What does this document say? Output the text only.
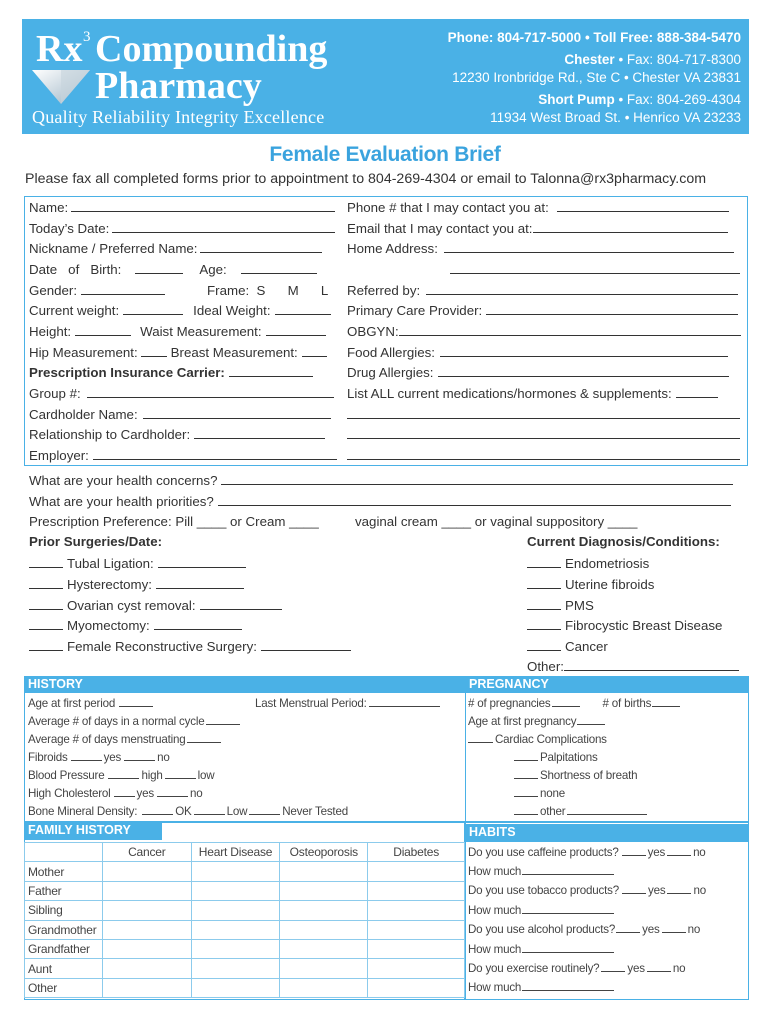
Rx 3 Compounding
Pharmacy
Quality Reliability Integrity Excellence
Phone: 804-717-5000 • Toll Free: 888-384-5470
Chester • Fax: 804-717-8300
12230 Ironbridge Rd., Ste C • Chester VA 23831
Short Pump • Fax: 804-269-4304
11934 West Broad St. • Henrico VA 23233
Female Evaluation Brief
Please fax all completed forms prior to appointment to 804-269-4304 or email to Talonna@rx3pharmacy.com
Name:
Today’s Date:
Nickname / Preferred Name:
Date   of   Birth:	Age:
Gender:	Frame:  S      M      L
Current weight:	Ideal Weight:
Height:	Waist Measurement:
Hip Measurement: Breast Measurement:
Prescription Insurance Carrier:
Group #:
Cardholder Name:
Relationship to Cardholder:
Employer:
Phone # that I may contact you at:
Email that I may contact you at:
Home Address:
Referred by:
Primary Care Provider:
OBGYN:
Food Allergies:
Drug Allergies:
List ALL current medications/hormones & supplements:
What are your health concerns?
What are your health priorities?
Prescription Preference: Pill ____ or Cream ____	vaginal cream ____ or vaginal suppository ____
Prior Surgeries/Date:
Tubal Ligation:
Hysterectomy:
Ovarian cyst removal:
Myomectomy:
Female Reconstructive Surgery:
Current Diagnosis/Conditions:
Endometriosis
Uterine fibroids
PMS
Fibrocystic Breast Disease
Cancer
Other:
HISTORY
Age at first period	Last Menstrual Period:
Average # of days in a normal cycle
Average # of days menstruating
Fibroids	yes	no
Blood Pressure	high	low
High Cholesterol yes	no
Bone Mineral Density:	OK	Low	Never Tested
PREGNANCY
# of pregnancies	# of births
Age at first pregnancy
Cardiac Complications
Palpitations
Shortness of breath
none
other
FAMILY HISTORY
	Cancer	Heart Disease	Osteoporosis	Diabetes
Mother				
Father				
Sibling				
Grandmother				
Grandfather				
Aunt				
Other				
HABITS
Do you use caffeine products?	yes no
How much
Do you use tobacco products?	yes no
How much
Do you use alcohol products? yes no
How much
Do you exercise routinely? yes no
How much
